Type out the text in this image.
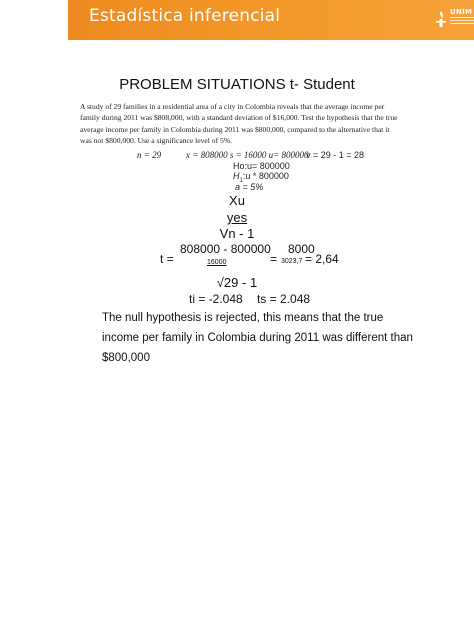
Estadística inferencial	UNIM
PROBLEM SITUATIONS t- Student
A study of 29 families in a residential area of a city in Colombia reveals that the average income per family during 2011 was $808,000, with a standard deviation of $16,000. Test the hypothesis that the true average income per family in Colombia during 2011 was $800,000, compared to the alternative that it was not $800,000. Use a significance level of 5%.
n = 29	x = 808000 s = 16000 u= 800000
v = 29 - 1 = 28
Ho:u= 800000
$H_1:u * 800000$
a = 5%
Xu
yes
Vn - 1
t =
808000 - 800000
16000
8000
= 3023,7 = 2,64
√29 - 1
ti = -2.048 ts = 2.048
The null hypothesis is rejected, this means that the true income per family in Colombia during 2011 was different than $800,000
